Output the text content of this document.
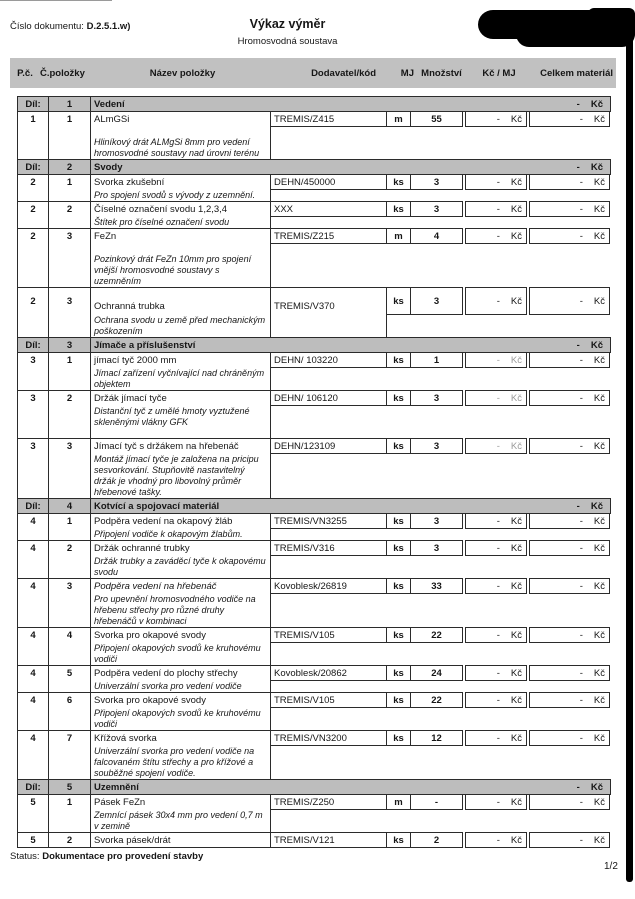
Číslo dokumentu: D.2.5.1.w)	Výkaz výměr
Hromosvodná soustava
P.č. Č.položky	Název položky	Dodavatel/kód	MJ Množství	Kč / MJ	Celkem materiál
Díl:	1	Vedení	- Kč
1	1	ALmGSi	TREMIS/Z415	m	55	- Kč	- Kč
Hliníkový drát ALMgSi 8mm pro vedení hromosvodné soustavy nad úrovni terénu
Díl:	2	Svody	- Kč
2	1	Svorka zkušební	DEHN/450000	ks	3	- Kč	- Kč
Pro spojení svodů s vývody z uzemnění.
2	2	Číselné označení svodu 1,2,3,4	XXX	ks	3	- Kč	- Kč
Štítek pro číselné označení svodu
2	3	FeZn	TREMIS/Z215	m	4	- Kč	- Kč
Pozinkový drát FeZn 10mm pro spojení vnější hromosvodné soustavy s uzemněním
2	3	Ochranná trubka	TREMIS/V370	ks	3	- Kč	- Kč
Ochrana svodu u země před mechanickým poškozením
Díl:	3	Jímače a příslušenství	- Kč
3	1	jímací tyč 2000 mm	DEHN/ 103220	ks	1	- Kč	- Kč
Jímací zařízení vyčnívající nad chráněným objektem
3	2	Držák jímací tyče	DEHN/ 106120	ks	3	- Kč	- Kč
Distanční tyč z umělé hmoty vyztužené skleněnými vlákny GFK
3	3	Jímací tyč s držákem na hřebenáč	DEHN/123109	ks	3	- Kč	- Kč
Montáž jímací tyče je založena na pricipu sesvorkování. Stupňovitě nastavitelný držák je vhodný pro libovolný průměr hřebenové tašky.
Díl:	4	Kotvící a spojovací materiál	- Kč
4	1	Podpěra vedení na okapový žláb	TREMIS/VN3255	ks	3	- Kč	- Kč
Připojení vodiče k okapovým žlabům.
4	2	Držák ochranné trubky	TREMIS/V316	ks	3	- Kč	- Kč
Držák trubky a zaváděcí tyče k okapovému svodu
4	3	Podpěra vedení na hřebenáč	Kovoblesk/26819	ks	33	- Kč	- Kč
Pro upevnění hromosvodného vodiče na hřebenu střechy pro různé druhy hřebenáčů v kombinaci
4	4	Svorka pro okapové svody	TREMIS/V105	ks	22	- Kč	- Kč
Připojení okapových svodů ke kruhovému vodiči
4	5	Podpěra vedení do plochy střechy	Kovoblesk/20862	ks	24	- Kč	- Kč
Univerzální svorka pro vedení vodiče
4	6	Svorka pro okapové svody	TREMIS/V105	ks	22	- Kč	- Kč
Připojení okapových svodů ke kruhovému vodiči
4	7	Křížová svorka	TREMIS/VN3200	ks	12	- Kč	- Kč
Univerzální svorka pro vedení vodiče na falcovaném štítu střechy a pro křížové a souběžné spojení vodiče.
Díl:	5	Uzemnění	- Kč
5	1	Pásek FeZn	TREMIS/Z250	m	-	- Kč	- Kč
Zemnící pásek 30x4 mm pro vedení 0,7 m v zemině
5	2	Svorka pásek/drát	TREMIS/V121	ks	2	- Kč	- Kč
Status: Dokumentace pro provedení stavby
1/2
